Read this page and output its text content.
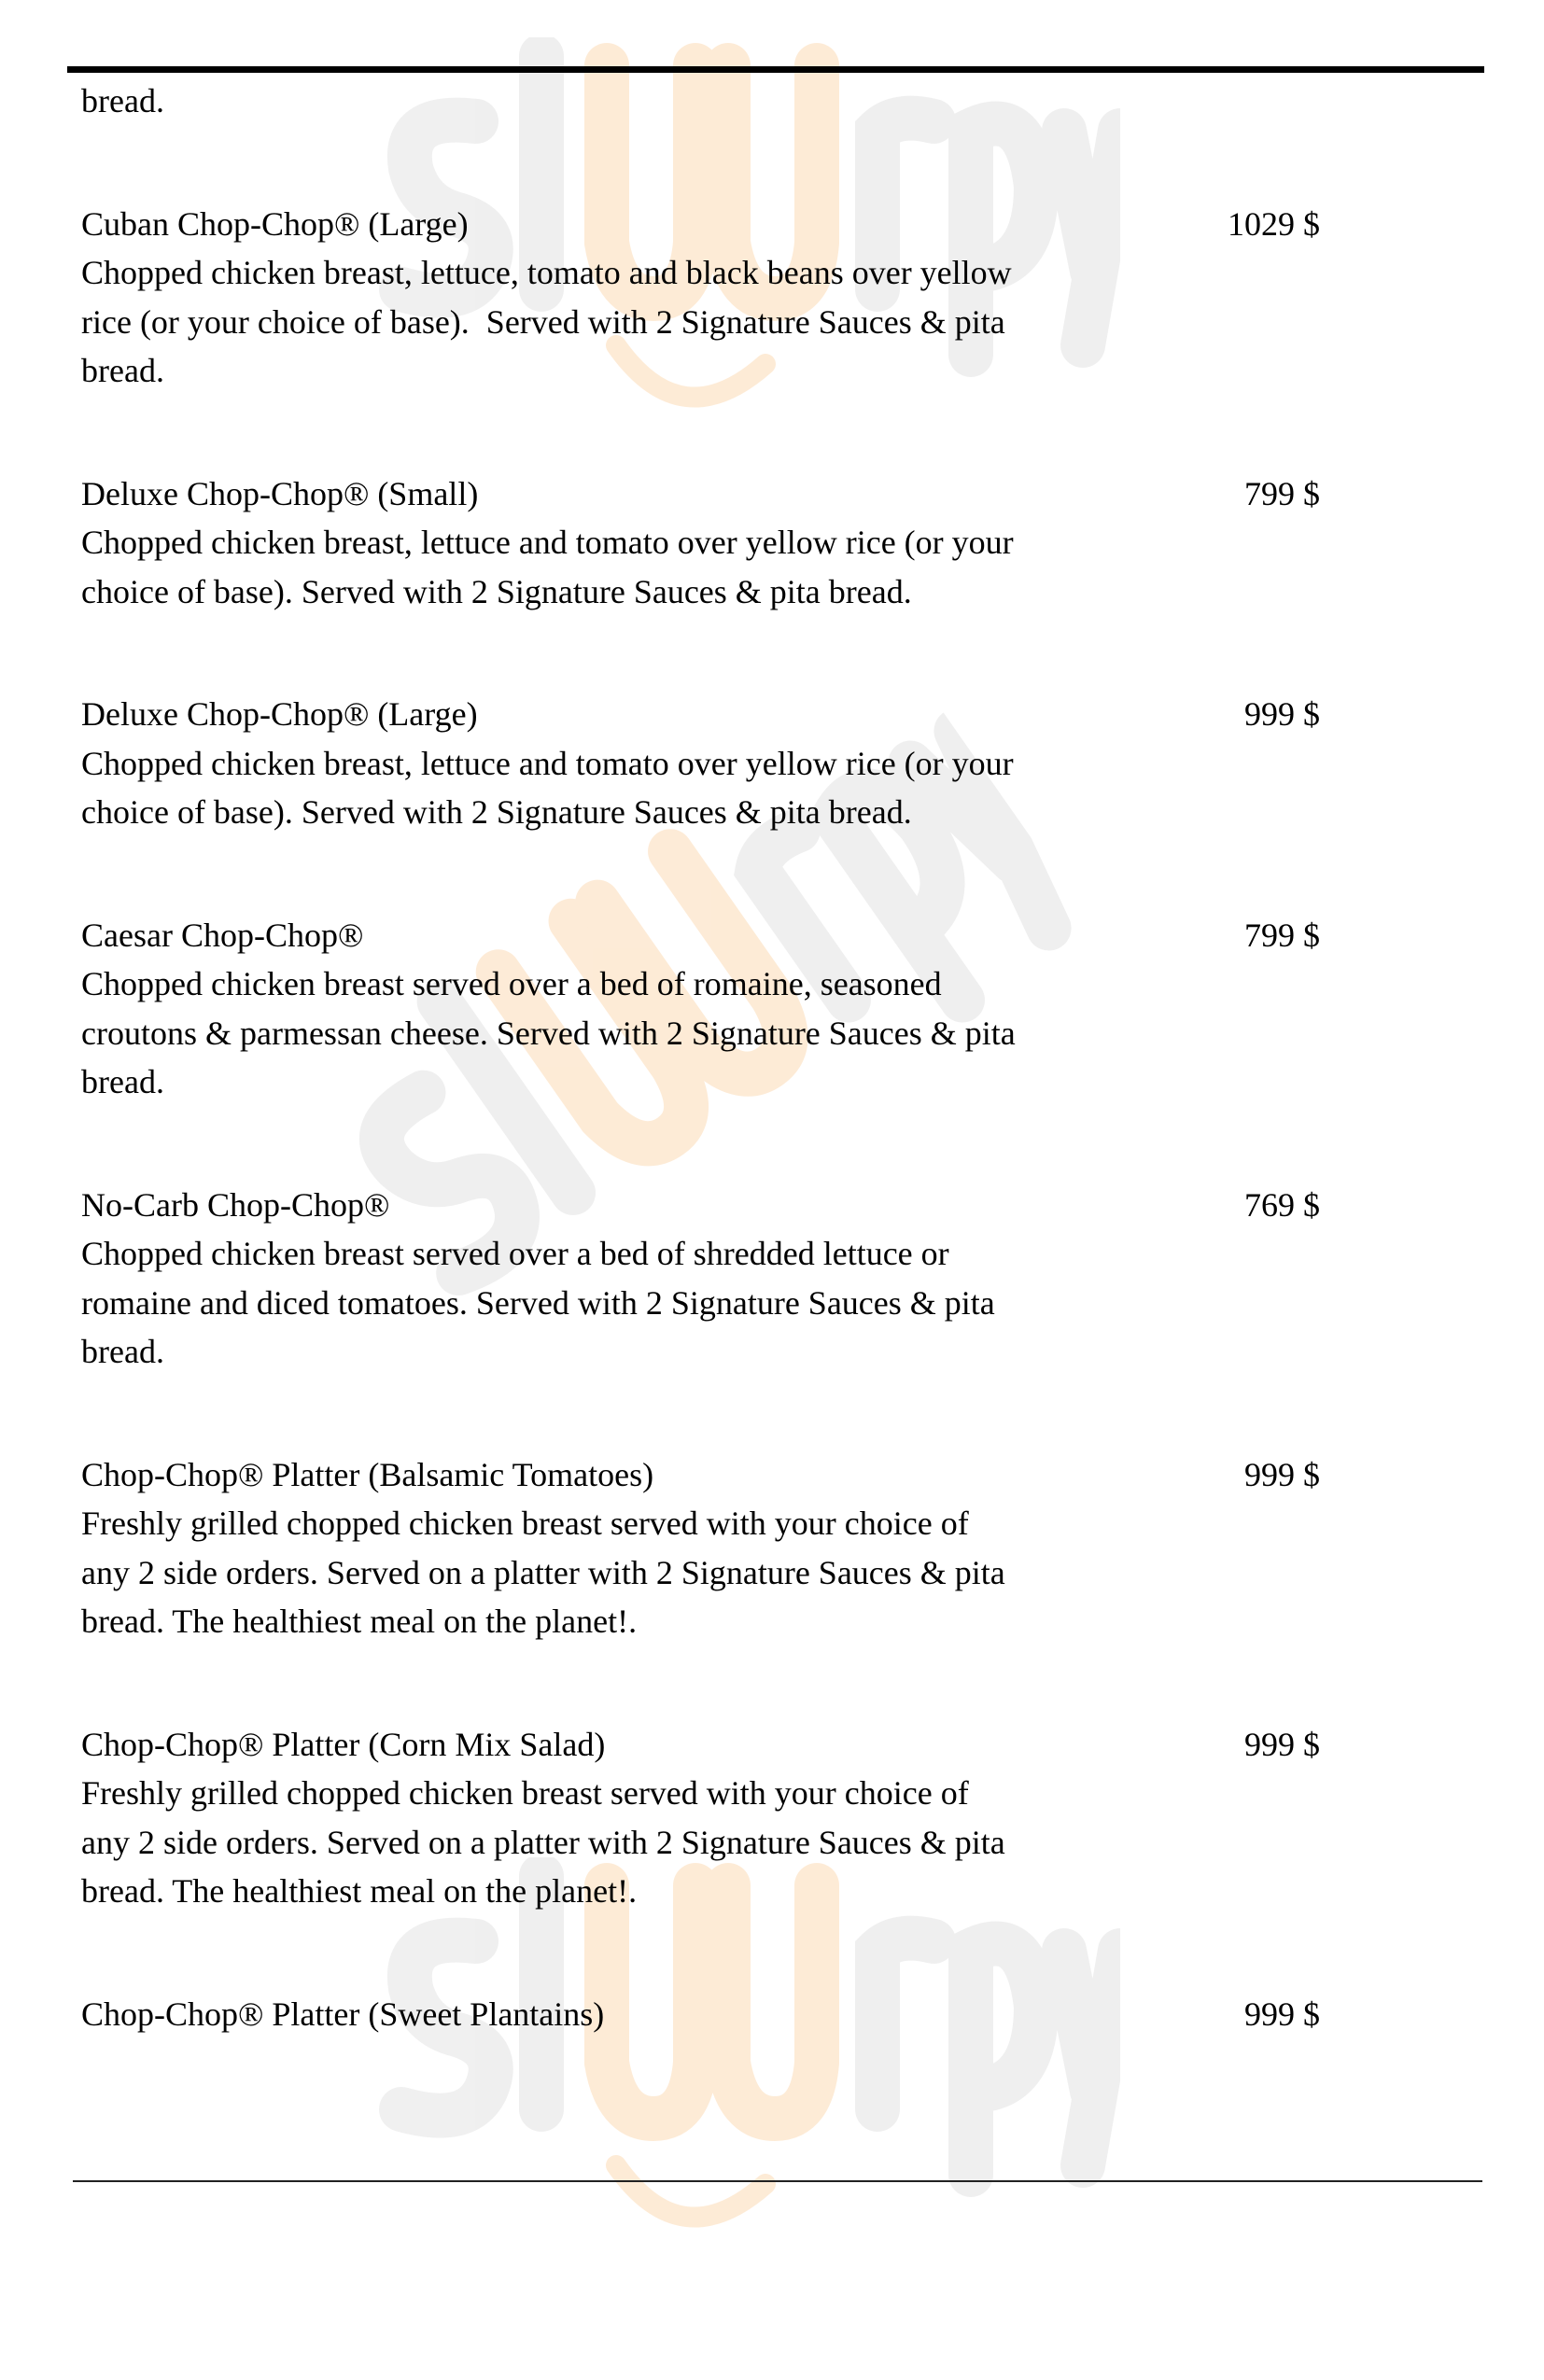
bread.
Cuban Chop-Chop® (Large)	1029 $
Chopped chicken breast, lettuce, tomato and black beans over yellow
rice (or your choice of base).  Served with 2 Signature Sauces & pita
bread.
Deluxe Chop-Chop® (Small)	799 $
Chopped chicken breast, lettuce and tomato over yellow rice (or your
choice of base). Served with 2 Signature Sauces & pita bread.
Deluxe Chop-Chop® (Large)	999 $
Chopped chicken breast, lettuce and tomato over yellow rice (or your
choice of base). Served with 2 Signature Sauces & pita bread.
Caesar Chop-Chop®	799 $
Chopped chicken breast served over a bed of romaine, seasoned
croutons & parmessan cheese. Served with 2 Signature Sauces & pita
bread.
No-Carb Chop-Chop®	769 $
Chopped chicken breast served over a bed of shredded lettuce or
romaine and diced tomatoes. Served with 2 Signature Sauces & pita
bread.
Chop-Chop® Platter (Balsamic Tomatoes)	999 $
Freshly grilled chopped chicken breast served with your choice of
any 2 side orders. Served on a platter with 2 Signature Sauces & pita
bread. The healthiest meal on the planet!.
Chop-Chop® Platter (Corn Mix Salad)	999 $
Freshly grilled chopped chicken breast served with your choice of
any 2 side orders. Served on a platter with 2 Signature Sauces & pita
bread. The healthiest meal on the planet!.
Chop-Chop® Platter (Sweet Plantains)	999 $
